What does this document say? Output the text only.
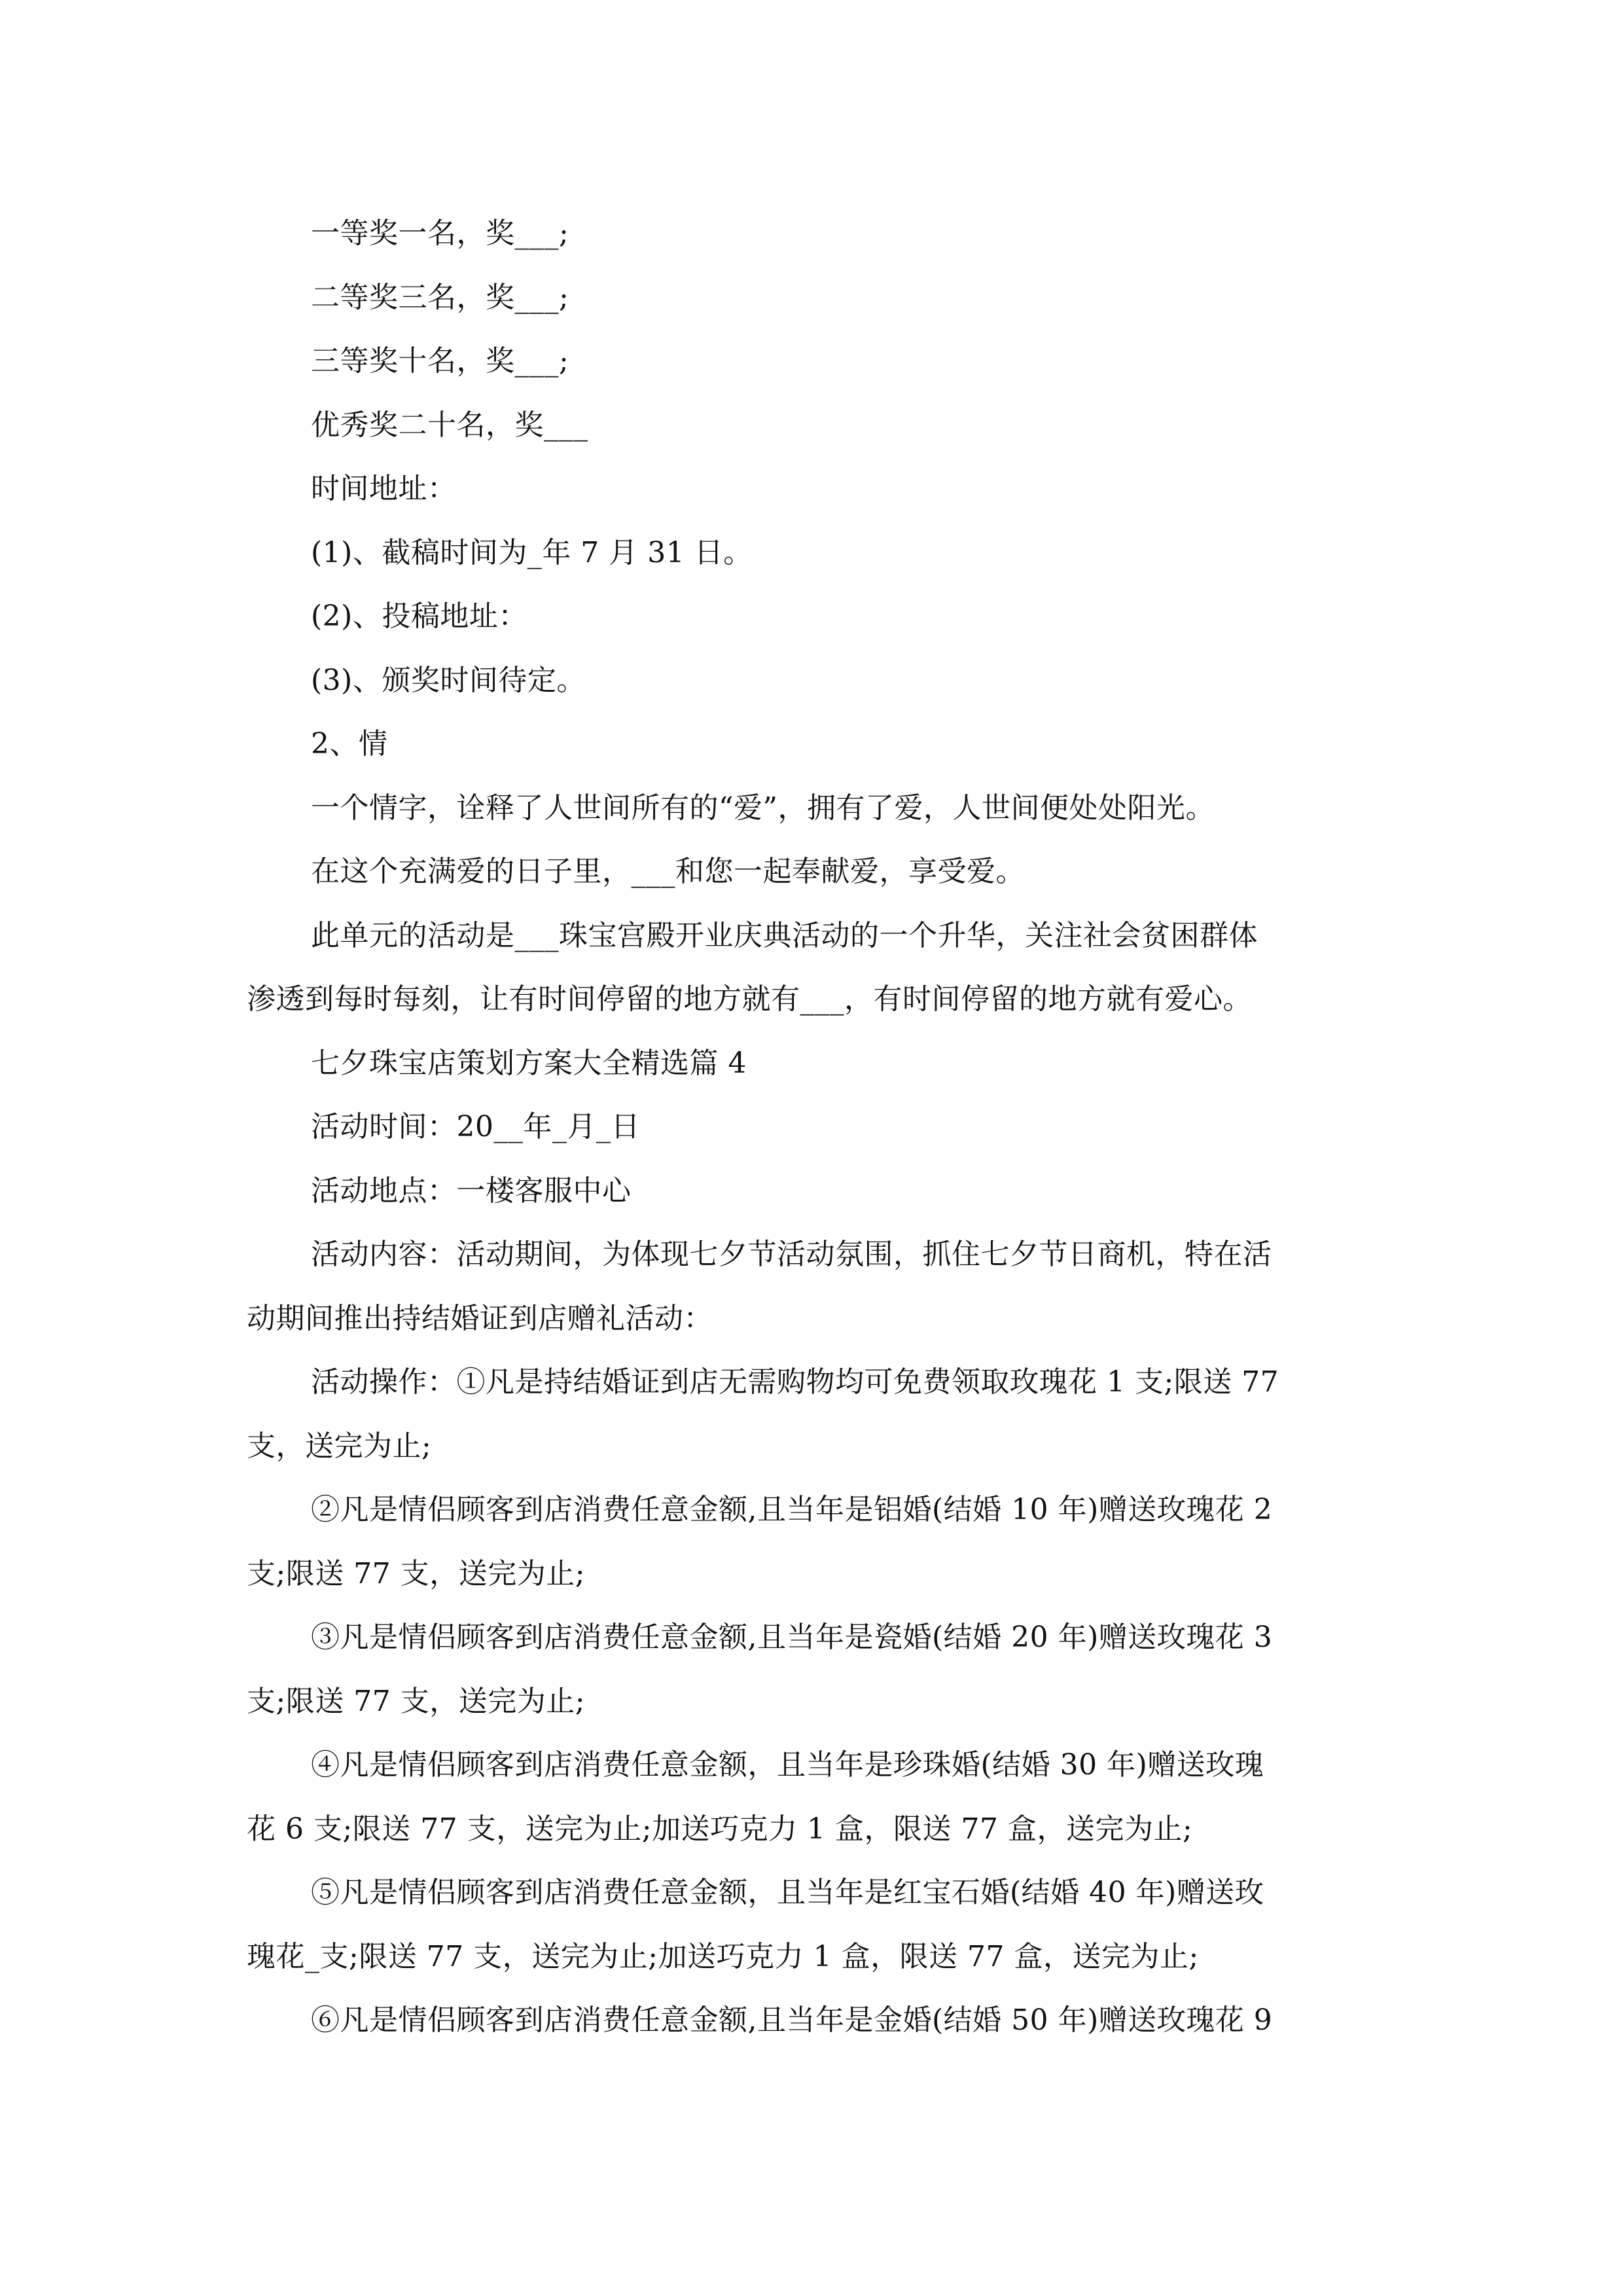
一等奖一名，奖___;
二等奖三名，奖___;
三等奖十名，奖___;
优秀奖二十名，奖___
时间地址：
(1)、截稿时间为_年 7 月 31 日。
(2)、投稿地址：
(3)、颁奖时间待定。
2、情
一个情字，诠释了人世间所有的“爱”，拥有了爱，人世间便处处阳光。
在这个充满爱的日子里，___和您一起奉献爱，享受爱。
此单元的活动是___珠宝宫殿开业庆典活动的一个升华，关注社会贫困群体
渗透到每时每刻，让有时间停留的地方就有___，有时间停留的地方就有爱心。
七夕珠宝店策划方案大全精选篇 4
活动时间：20__年_月_日
活动地点：一楼客服中心
活动内容：活动期间，为体现七夕节活动氛围，抓住七夕节日商机，特在活
动期间推出持结婚证到店赠礼活动：
活动操作：①凡是持结婚证到店无需购物均可免费领取玫瑰花 1 支;限送 77
支，送完为止;
②凡是情侣顾客到店消费任意金额,且当年是铝婚(结婚 10 年)赠送玫瑰花 2
支;限送 77 支，送完为止;
③凡是情侣顾客到店消费任意金额,且当年是瓷婚(结婚 20 年)赠送玫瑰花 3
支;限送 77 支，送完为止;
④凡是情侣顾客到店消费任意金额，且当年是珍珠婚(结婚 30 年)赠送玫瑰
花 6 支;限送 77 支，送完为止;加送巧克力 1 盒，限送 77 盒，送完为止;
⑤凡是情侣顾客到店消费任意金额，且当年是红宝石婚(结婚 40 年)赠送玫
瑰花_支;限送 77 支，送完为止;加送巧克力 1 盒，限送 77 盒，送完为止;
⑥凡是情侣顾客到店消费任意金额,且当年是金婚(结婚 50 年)赠送玫瑰花 9
